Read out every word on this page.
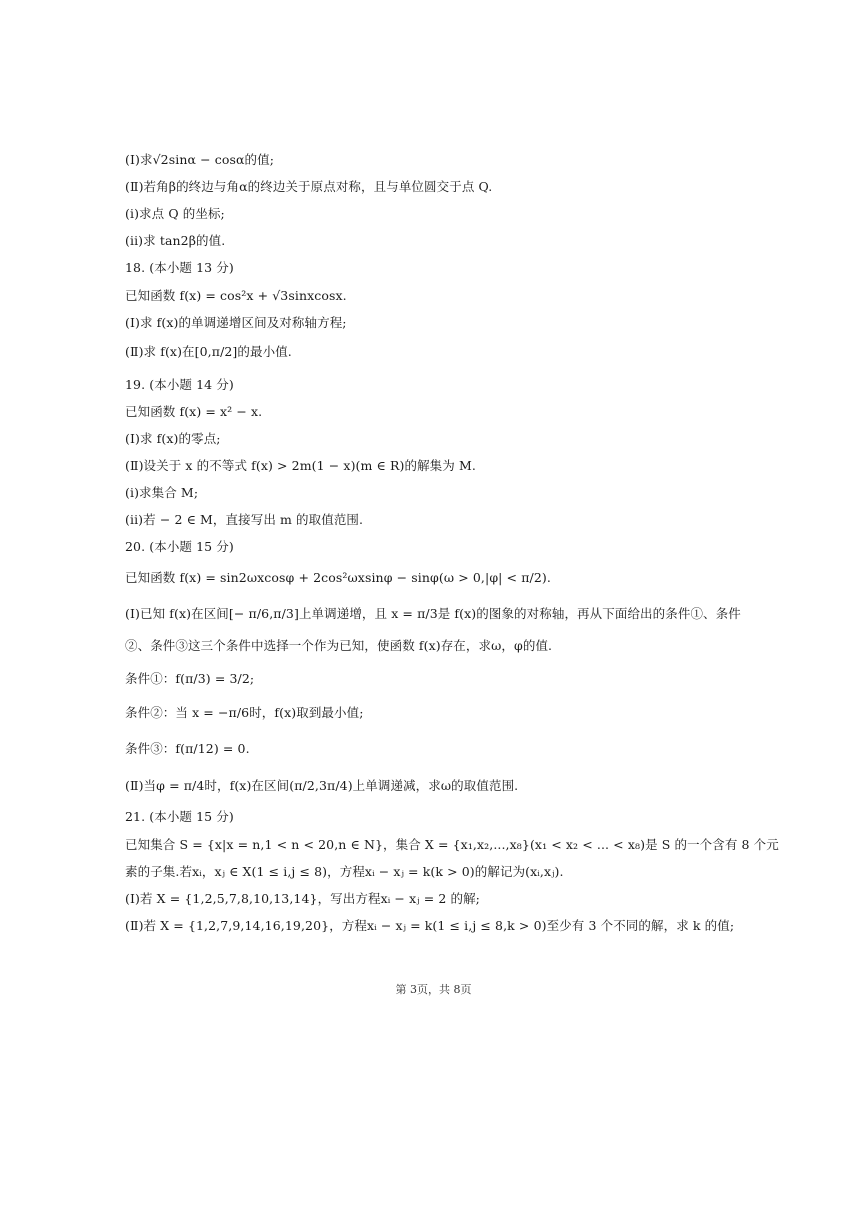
(Ⅰ)求√2sinα − cosα的值;
(Ⅱ)若角β的终边与角α的终边关于原点对称，且与单位圆交于点 Q.
(i)求点 Q 的坐标;
(ii)求 tan2β的值.
18. (本小题 13 分)
已知函数 f(x) = cos²x + √3sinxcosx.
(Ⅰ)求 f(x)的单调递增区间及对称轴方程;
(Ⅱ)求 f(x)在[0,π/2]的最小值.
19. (本小题 14 分)
已知函数 f(x) = x² − x.
(Ⅰ)求 f(x)的零点;
(Ⅱ)设关于 x 的不等式 f(x) > 2m(1 − x)(m ∈ R)的解集为 M.
(i)求集合 M;
(ii)若 − 2 ∈ M，直接写出 m 的取值范围.
20. (本小题 15 分)
已知函数 f(x) = sin2ωxcosφ + 2cos²ωxsinφ − sinφ(ω > 0,|φ| < π/2).
(Ⅰ)已知 f(x)在区间[− π/6,π/3]上单调递增，且 x = π/3是 f(x)的图象的对称轴，再从下面给出的条件①、条件
②、条件③这三个条件中选择一个作为已知，使函数 f(x)存在，求ω，φ的值.
条件①：f(π/3) = 3/2;
条件②：当 x = −π/6时，f(x)取到最小值;
条件③：f(π/12) = 0.
(Ⅱ)当φ = π/4时，f(x)在区间(π/2,3π/4)上单调递减，求ω的取值范围.
21. (本小题 15 分)
已知集合 S = {x|x = n,1 < n < 20,n ∈ N}，集合 X = {x₁,x₂,...,x₈}(x₁ < x₂ < ... < x₈)是 S 的一个含有 8 个元
素的子集.若xᵢ，xⱼ ∈ X(1 ≤ i,j ≤ 8)，方程xᵢ − xⱼ = k(k > 0)的解记为(xᵢ,xⱼ).
(Ⅰ)若 X = {1,2,5,7,8,10,13,14}，写出方程xᵢ − xⱼ = 2 的解;
(Ⅱ)若 X = {1,2,7,9,14,16,19,20}，方程xᵢ − xⱼ = k(1 ≤ i,j ≤ 8,k > 0)至少有 3 个不同的解，求 k 的值;
第 3页，共 8页
